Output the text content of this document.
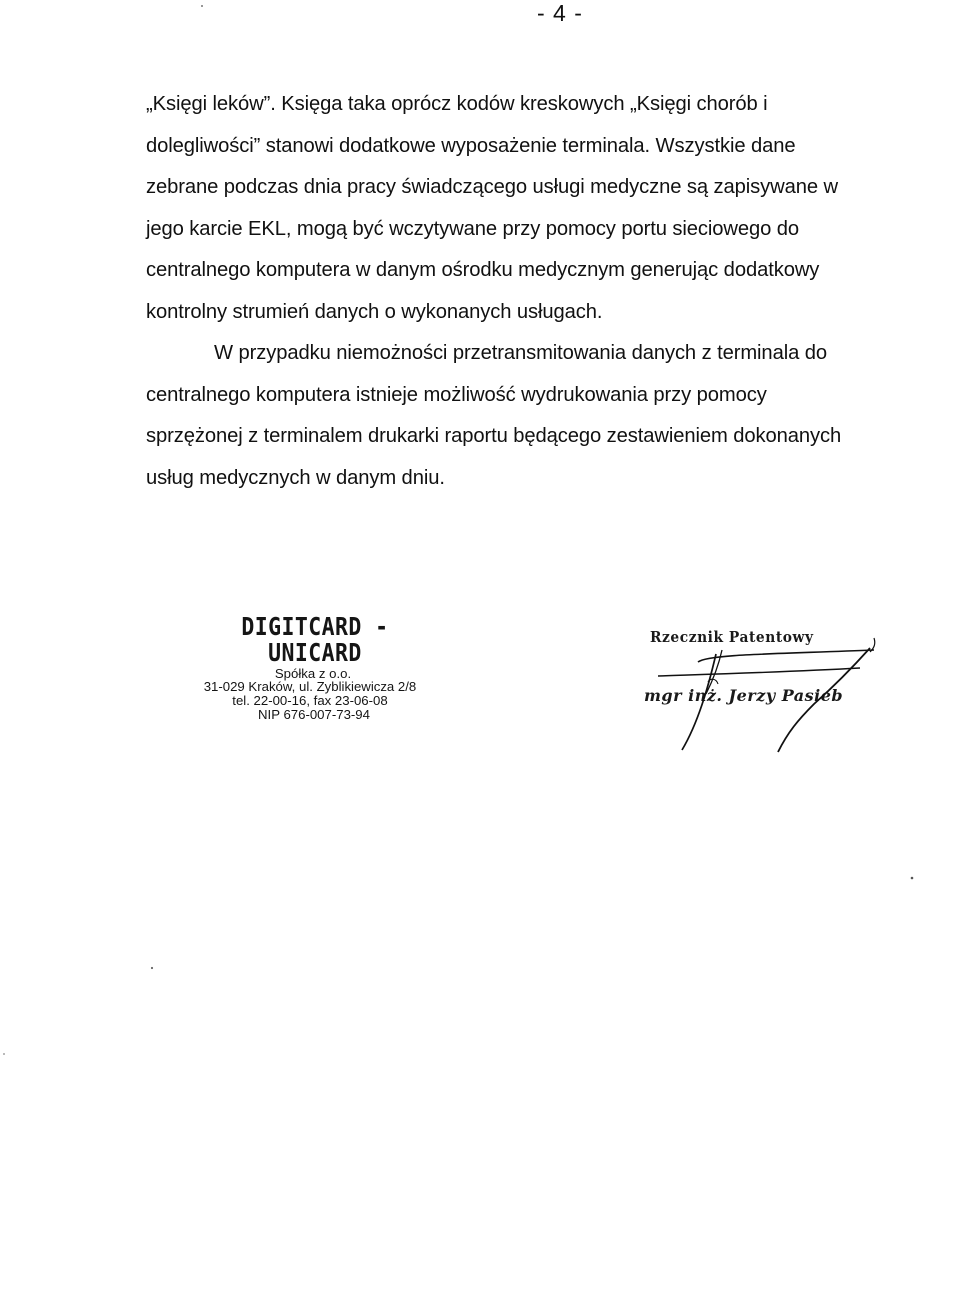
- 4 -
„Księgi leków”. Księga taka oprócz kodów kreskowych „Księgi chorób i
dolegliwości” stanowi dodatkowe wyposażenie terminala. Wszystkie dane
zebrane podczas dnia pracy świadczącego usługi medyczne są zapisywane w
jego karcie EKL, mogą być wczytywane przy pomocy portu sieciowego do
centralnego komputera w danym ośrodku medycznym generując dodatkowy
kontrolny strumień danych o wykonanych usługach.
W przypadku niemożności przetransmitowania danych z terminala do
centralnego komputera istnieje możliwość wydrukowania przy pomocy
sprzężonej z terminalem drukarki raportu będącego zestawieniem dokonanych
usług medycznych w danym dniu.
DIGITCARD - UNICARD
Spółka z o.o.
31-029 Kraków, ul. Zyblikiewicza 2/8
tel. 22-00-16, fax 23-06-08
NIP 676-007-73-94
Rzecznik Patentowy
mgr inż. Jerzy Pasieb
